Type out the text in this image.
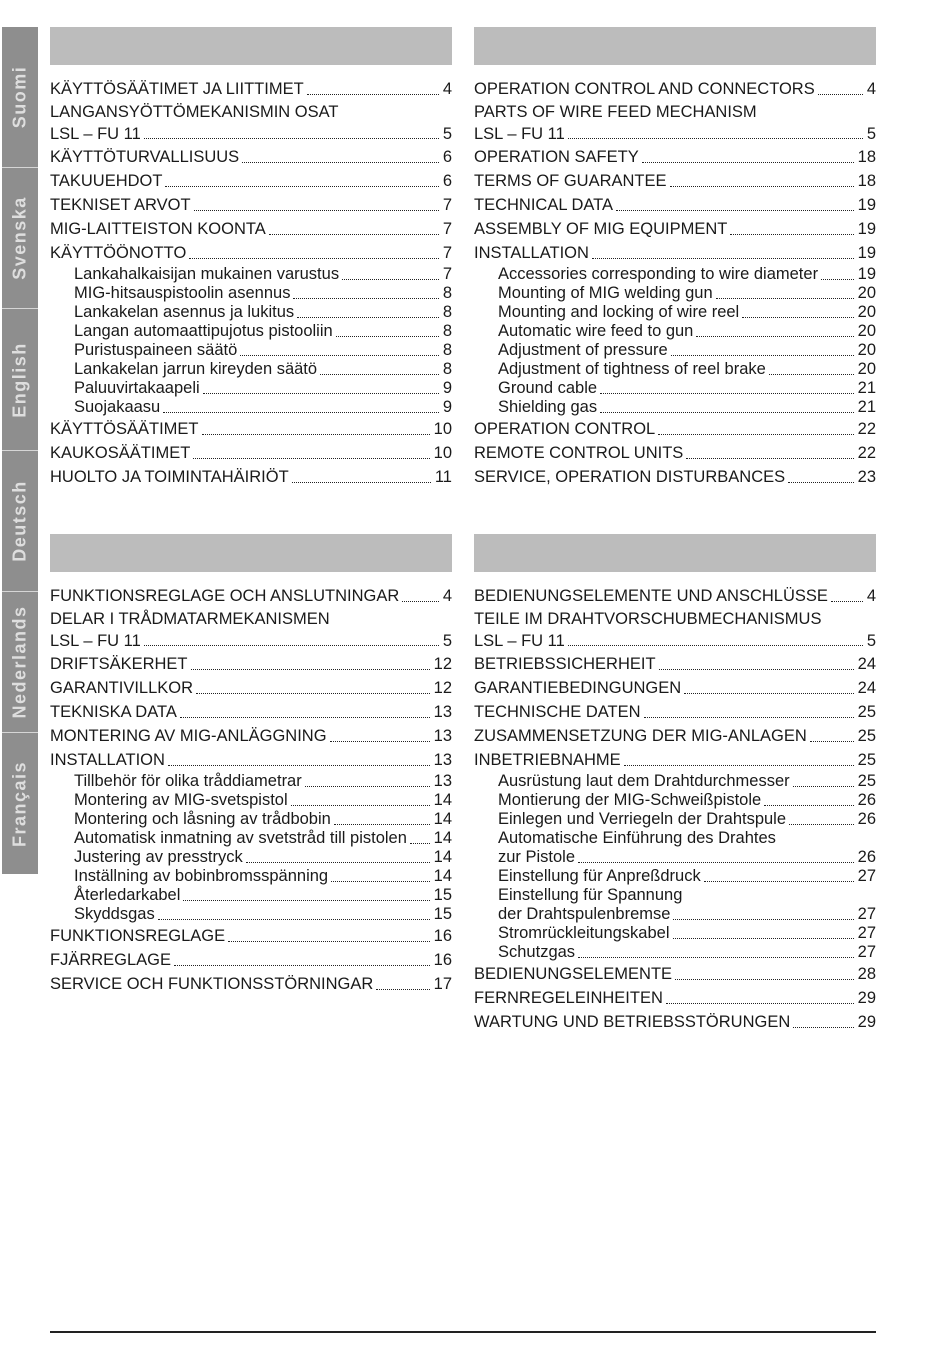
Suomi
Svenska
English
Deutsch
Nederlands
Français
KÄYTTÖSÄÄTIMET JA LIITTIMET	4
LANGANSYÖTTÖMEKANISMIN OSAT
LSL – FU 11	5
KÄYTTÖTURVALLISUUS	6
TAKUUEHDOT	6
TEKNISET ARVOT	7
MIG-LAITTEISTON KOONTA	7
KÄYTTÖÖNOTTO	7
Lankahalkaisijan mukainen varustus	7
MIG-hitsauspistoolin asennus	8
Lankakelan asennus ja lukitus	8
Langan automaattipujotus pistooliin	8
Puristuspaineen säätö	8
Lankakelan jarrun kireyden säätö	8
Paluuvirtakaapeli	9
Suojakaasu	9
KÄYTTÖSÄÄTIMET	10
KAUKOSÄÄTIMET	10
HUOLTO JA TOIMINTAHÄIRIÖT	11
OPERATION CONTROL AND CONNECTORS	4
PARTS OF WIRE FEED MECHANISM
LSL – FU 11	5
OPERATION SAFETY	18
TERMS OF GUARANTEE	18
TECHNICAL DATA	19
ASSEMBLY OF MIG EQUIPMENT	19
INSTALLATION	19
Accessories corresponding to wire diameter 19
Mounting of MIG welding gun	20
Mounting and locking of wire reel	20
Automatic wire feed to gun	20
Adjustment of pressure	20
Adjustment of tightness of reel brake	20
Ground cable	21
Shielding gas	21
OPERATION CONTROL	22
REMOTE CONTROL UNITS	22
SERVICE, OPERATION DISTURBANCES	23
FUNKTIONSREGLAGE OCH ANSLUTNINGAR	4
DELAR I TRÅDMATARMEKANISMEN
LSL – FU 11	5
DRIFTSÄKERHET	12
GARANTIVILLKOR	12
TEKNISKA DATA	13
MONTERING AV MIG-ANLÄGGNING	13
INSTALLATION	13
Tillbehör för olika tråddiametrar	13
Montering av MIG-svetspistol	14
Montering och låsning av trådbobin	14
Automatisk inmatning av svetstråd till pistolen 14
Justering av presstryck	14
Inställning av bobinbromsspänning	14
Återledarkabel	15
Skyddsgas	15
FUNKTIONSREGLAGE	16
FJÄRREGLAGE	16
SERVICE OCH FUNKTIONSSTÖRNINGAR	17
BEDIENUNGSELEMENTE UND ANSCHLÜSSE 4
TEILE IM DRAHTVORSCHUBMECHANISMUS
LSL – FU 11	5
BETRIEBSSICHERHEIT	24
GARANTIEBEDINGUNGEN	24
TECHNISCHE DATEN	25
ZUSAMMENSETZUNG DER MIG-ANLAGEN	25
INBETRIEBNAHME	25
Ausrüstung laut dem Drahtdurchmesser	25
Montierung der MIG-Schweißpistole	26
Einlegen und Verriegeln der Drahtspule	26
Automatische Einführung des Drahtes
zur Pistole	26
Einstellung für Anpreßdruck	27
Einstellung für Spannung
der Drahtspulenbremse	27
Stromrückleitungskabel	27
Schutzgas	27
BEDIENUNGSELEMENTE	28
FERNREGELEINHEITEN	29
WARTUNG UND BETRIEBSSTÖRUNGEN	29
